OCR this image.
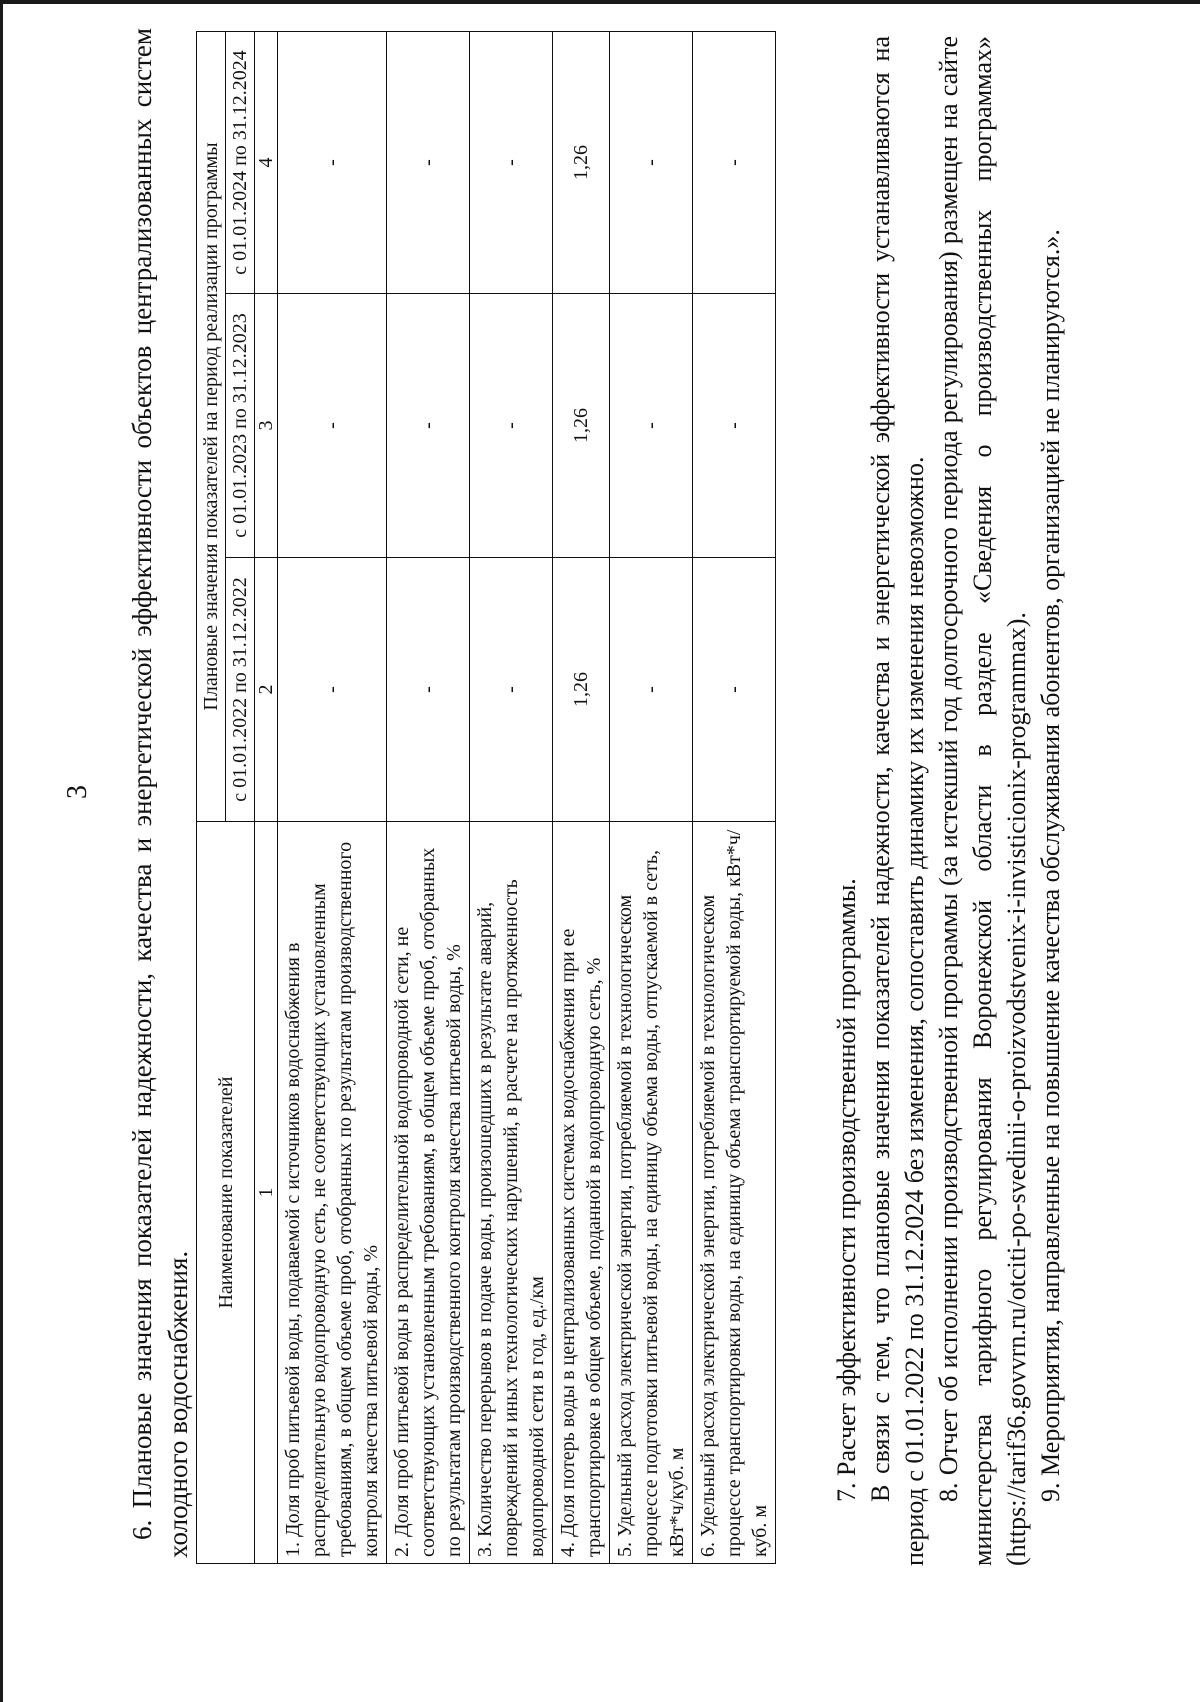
3 6. Плановые значения показателей надежности, качества и энергетической эффективности объектов централизованных систем холодного водоснабжения.

Наименование показателей	Плановые значения показателей на период реализации программы		
	с 01.01.2022 по 31.12.2022	с 01.01.2023 по 31.12.2023	с 01.01.2024 по 31.12.2024
1	2	3	4
1. Доля проб питьевой воды, подаваемой с источников водоснабжения в распределительную водопроводную сеть, не соответствующих установленным требованиям, в общем объеме проб, отобранных по результатам производственного контроля качества питьевой воды, %	-	-	-
2. Доля проб питьевой воды в распределительной водопроводной сети, не соответствующих установленным требованиям, в общем объеме проб, отобранных по результатам производственного контроля качества питьевой воды, %	-	-	-
3. Количество перерывов в подаче воды, произошедших в результате аварий, повреждений и иных технологических нарушений, в расчете на протяженность водопроводной сети в год, ед./км	-	-	-
4. Доля потерь воды в централизованных системах водоснабжения при ее транспортировке в общем объеме, поданной в водопроводную сеть, %	1,26	1,26	1,26
5. Удельный расход электрической энергии, потребляемой в технологическом процессе подготовки питьевой воды, на единицу объема воды, отпускаемой в сеть, кВт*ч/куб. м	-	-	-
6. Удельный расход электрической энергии, потребляемой в технологическом процессе транспортировки воды, на единицу объема транспортируемой воды, кВт*ч/куб. м	-	-	-

7. Расчет эффективности производственной программы. В связи с тем, что плановые значения показателей надежности, качества и энергетической эффективности устанавливаются на период с 01.01.2022 по 31.12.2024 без изменения, сопоставить динамику их изменения невозможно. 8. Отчет об исполнении производственной программы (за истекший год долгосрочного периода регулирования) размещен на сайте министерства тарифного регулирования Воронежской области в разделе «Сведения о производственных программах» (https://tarif36.govvrn.ru/otciti-po-svedinii-o-proizvodstvenix-i-invisticionix-programmax). 9. Мероприятия, направленные на повышение качества обслуживания абонентов, организацией не планируются.».
